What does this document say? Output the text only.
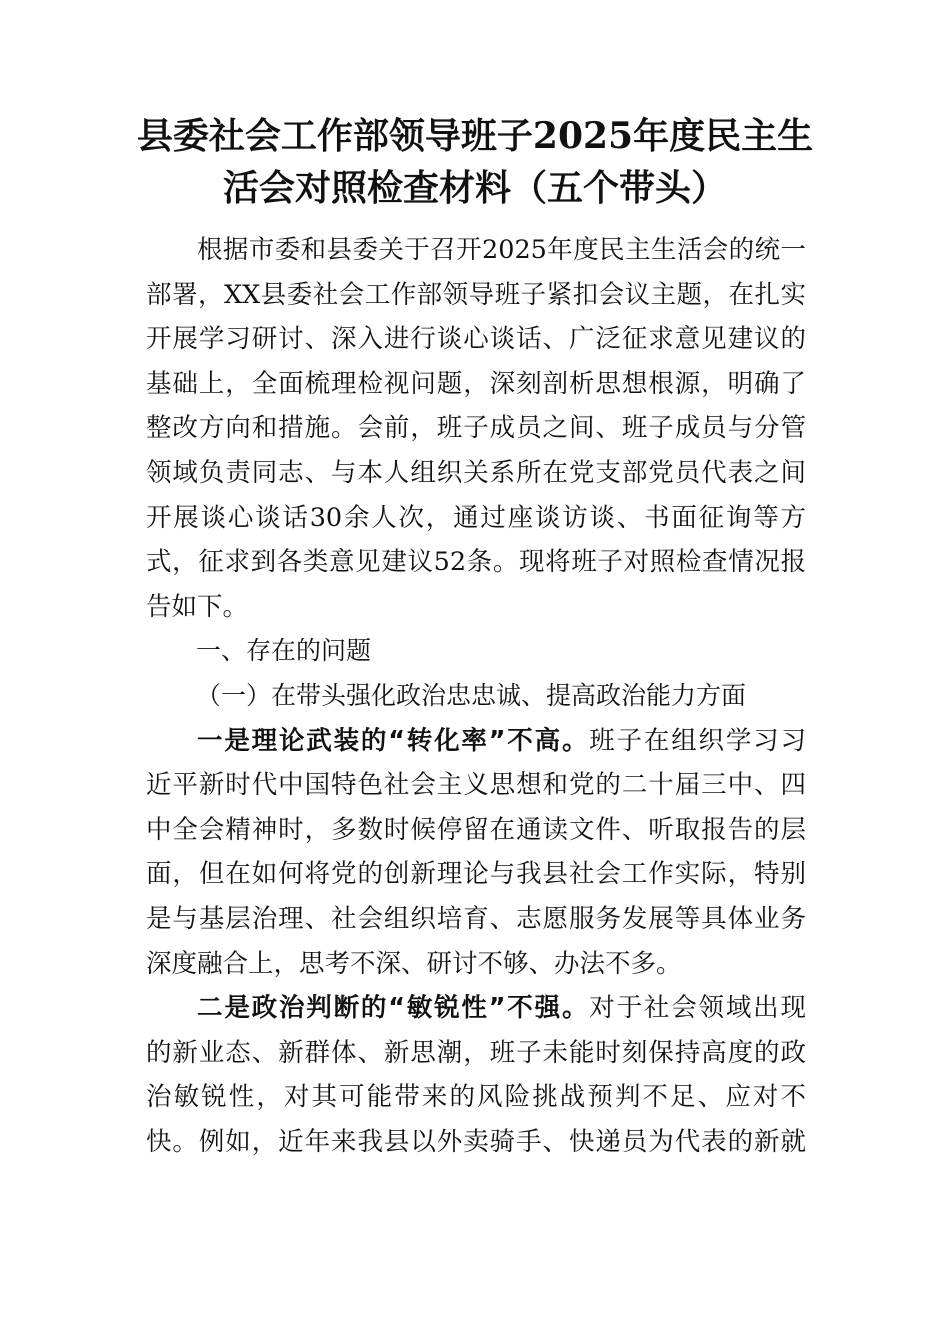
县委社会工作部领导班子2025年度民主生
活会对照检查材料（五个带头）
根据市委和县委关于召开2025年度民主生活会的统一
部署，XX县委社会工作部领导班子紧扣会议主题，在扎实
开展学习研讨、深入进行谈心谈话、广泛征求意见建议的
基础上，全面梳理检视问题，深刻剖析思想根源，明确了
整改方向和措施。会前，班子成员之间、班子成员与分管
领域负责同志、与本人组织关系所在党支部党员代表之间
开展谈心谈话30余人次，通过座谈访谈、书面征询等方
式，征求到各类意见建议52条。现将班子对照检查情况报
告如下。
一、存在的问题
（一）在带头强化政治忠忠诚、提高政治能力方面
一是理论武装的“转化率”不高。班子在组织学习习
近平新时代中国特色社会主义思想和党的二十届三中、四
中全会精神时，多数时候停留在通读文件、听取报告的层
面，但在如何将党的创新理论与我县社会工作实际，特别
是与基层治理、社会组织培育、志愿服务发展等具体业务
深度融合上，思考不深、研讨不够、办法不多。
二是政治判断的“敏锐性”不强。对于社会领域出现
的新业态、新群体、新思潮，班子未能时刻保持高度的政
治敏锐性，对其可能带来的风险挑战预判不足、应对不
快。例如，近年来我县以外卖骑手、快递员为代表的新就
